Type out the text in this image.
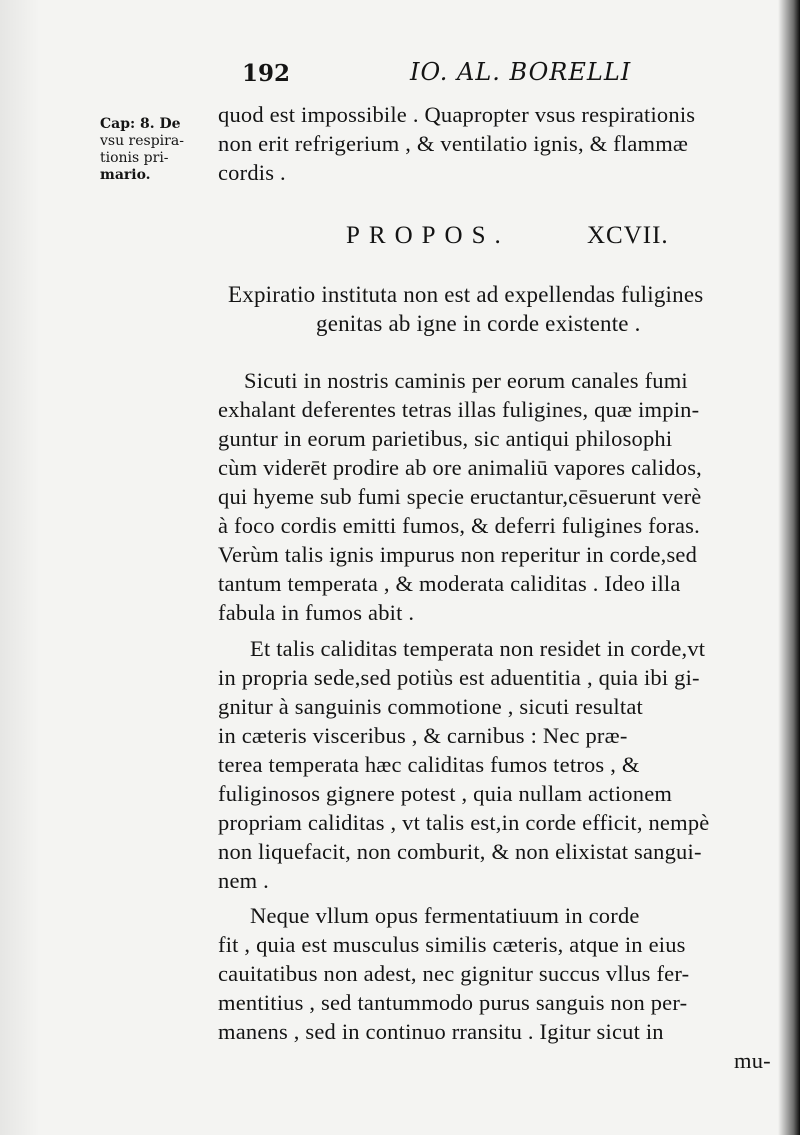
192	IO. AL. BORELLI
Cap: 8. De
vsu respira-
tionis pri-
mario.
quod est impossibile . Quapropter vsus respirationis
non erit refrigerium , & ventilatio ignis, & flammæ
cordis .
PROPOS.	XCVII.
Expiratio instituta non est ad expellendas fuligines
genitas ab igne in corde existente .
Sicuti in nostris caminis per eorum canales fumi
exhalant deferentes tetras illas fuligines, quæ impin-
guntur in eorum parietibus, sic antiqui philosophi
cùm viderēt prodire ab ore animaliū vapores calidos,
qui hyeme sub fumi specie eructantur,cēsuerunt verè
à foco cordis emitti fumos, & deferri fuligines foras.
Verùm talis ignis impurus non reperitur in corde,sed
tantum temperata , & moderata caliditas . Ideo illa
fabula in fumos abit .
Et talis caliditas temperata non residet in corde,vt
in propria sede,sed potiùs est aduentitia , quia ibi gi-
gnitur à sanguinis commotione , sicuti resultat
in cæteris visceribus , & carnibus : Nec præ-
terea temperata hæc caliditas fumos tetros , &
fuliginosos gignere potest , quia nullam actionem
propriam caliditas , vt talis est,in corde efficit, nempè
non liquefacit, non comburit, & non elixistat sangui-
nem .
Neque vllum opus fermentatiuum in corde
fit , quia est musculus similis cæteris, atque in eius
cauitatibus non adest, nec gignitur succus vllus fer-
mentitius , sed tantummodo purus sanguis non per-
manens , sed in continuo rransitu . Igitur sicut in
mu-
